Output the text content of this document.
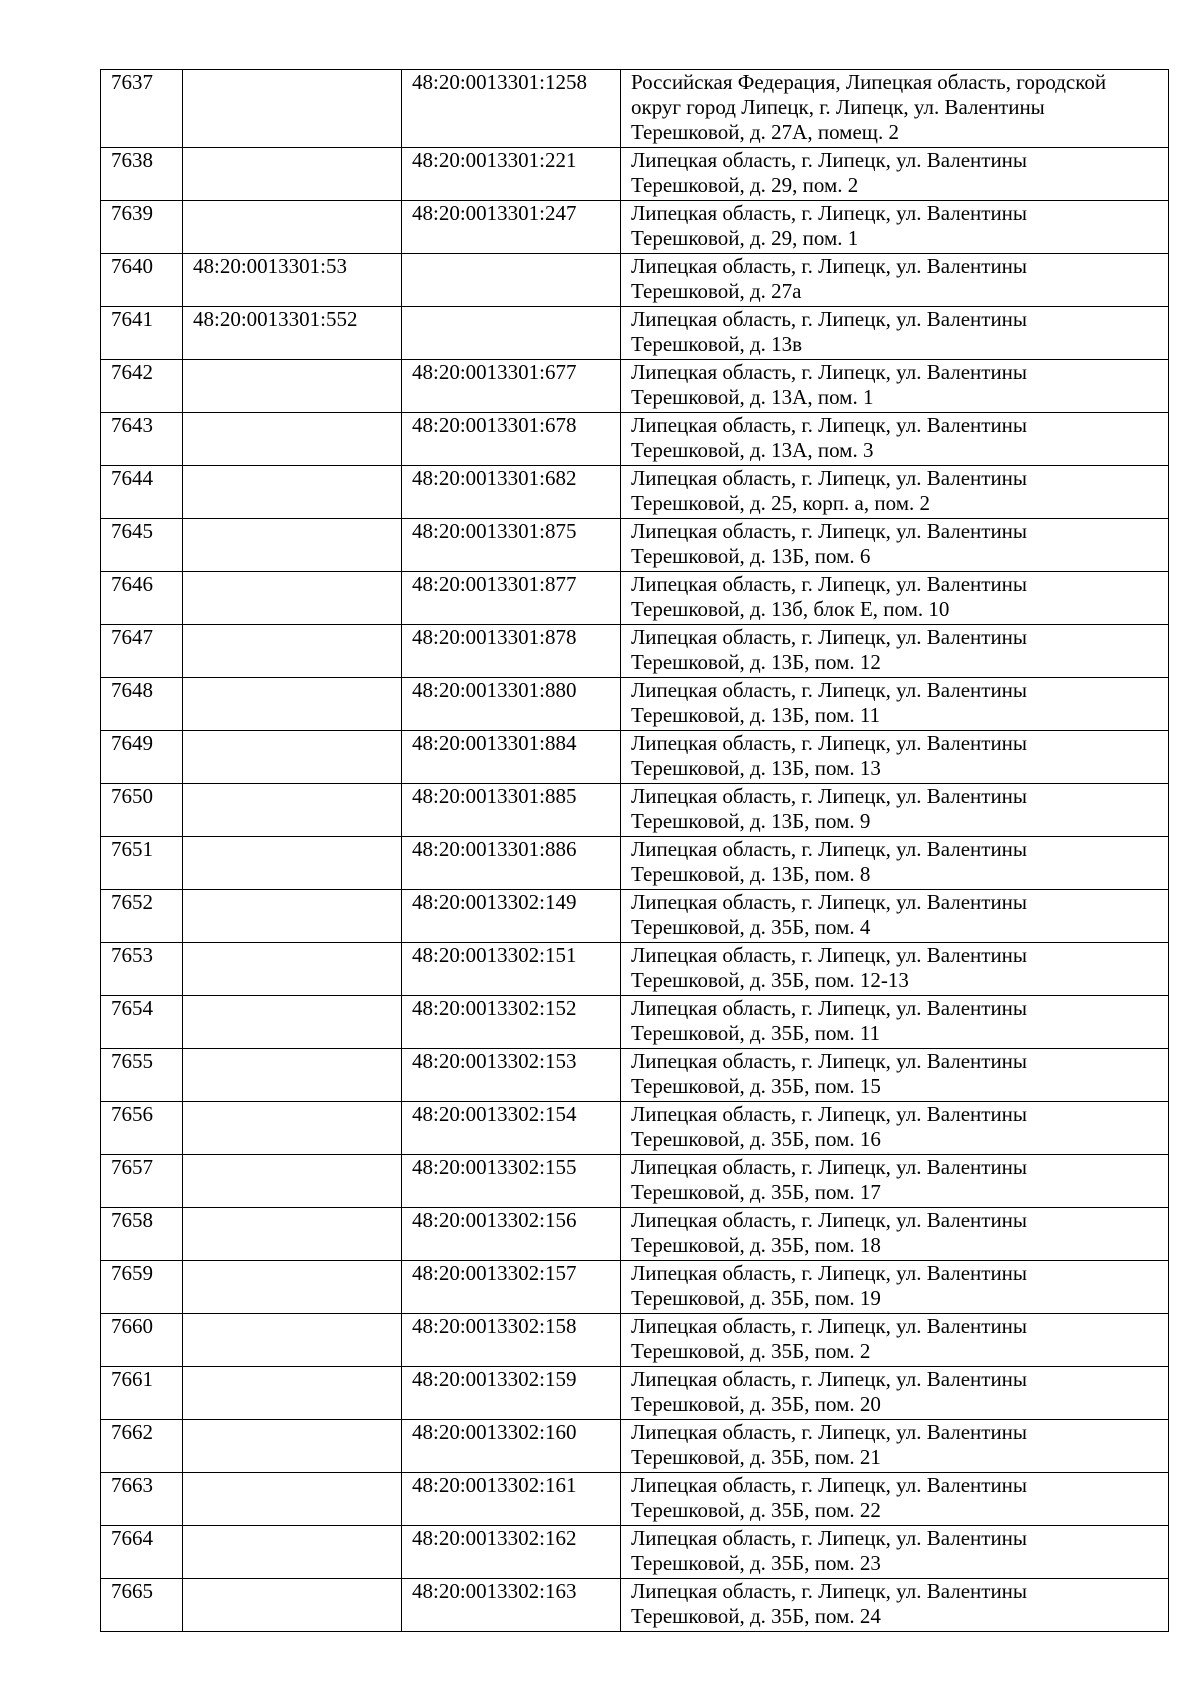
7637		48:20:0013301:1258	Российская Федерация, Липецкая область, городской
округ город Липецк, г. Липецк, ул. Валентины
Терешковой, д. 27А, помещ. 2

7638		48:20:0013301:221	Липецкая область, г. Липецк, ул. Валентины
Терешковой, д. 29, пом. 2

7639		48:20:0013301:247	Липецкая область, г. Липецк, ул. Валентины
Терешковой, д. 29, пом. 1

7640	48:20:0013301:53		Липецкая область, г. Липецк, ул. Валентины
Терешковой, д. 27а

7641	48:20:0013301:552		Липецкая область, г. Липецк, ул. Валентины
Терешковой, д. 13в

7642		48:20:0013301:677	Липецкая область, г. Липецк, ул. Валентины
Терешковой, д. 13А, пом. 1

7643		48:20:0013301:678	Липецкая область, г. Липецк, ул. Валентины
Терешковой, д. 13А, пом. 3

7644		48:20:0013301:682	Липецкая область, г. Липецк, ул. Валентины
Терешковой, д. 25, корп. а, пом. 2

7645		48:20:0013301:875	Липецкая область, г. Липецк, ул. Валентины
Терешковой, д. 13Б, пом. 6

7646		48:20:0013301:877	Липецкая область, г. Липецк, ул. Валентины
Терешковой, д. 13б, блок Е, пом. 10

7647		48:20:0013301:878	Липецкая область, г. Липецк, ул. Валентины
Терешковой, д. 13Б, пом. 12

7648		48:20:0013301:880	Липецкая область, г. Липецк, ул. Валентины
Терешковой, д. 13Б, пом. 11

7649		48:20:0013301:884	Липецкая область, г. Липецк, ул. Валентины
Терешковой, д. 13Б, пом. 13

7650		48:20:0013301:885	Липецкая область, г. Липецк, ул. Валентины
Терешковой, д. 13Б, пом. 9

7651		48:20:0013301:886	Липецкая область, г. Липецк, ул. Валентины
Терешковой, д. 13Б, пом. 8

7652		48:20:0013302:149	Липецкая область, г. Липецк, ул. Валентины
Терешковой, д. 35Б, пом. 4

7653		48:20:0013302:151	Липецкая область, г. Липецк, ул. Валентины
Терешковой, д. 35Б, пом. 12-13

7654		48:20:0013302:152	Липецкая область, г. Липецк, ул. Валентины
Терешковой, д. 35Б, пом. 11

7655		48:20:0013302:153	Липецкая область, г. Липецк, ул. Валентины
Терешковой, д. 35Б, пом. 15

7656		48:20:0013302:154	Липецкая область, г. Липецк, ул. Валентины
Терешковой, д. 35Б, пом. 16

7657		48:20:0013302:155	Липецкая область, г. Липецк, ул. Валентины
Терешковой, д. 35Б, пом. 17

7658		48:20:0013302:156	Липецкая область, г. Липецк, ул. Валентины
Терешковой, д. 35Б, пом. 18

7659		48:20:0013302:157	Липецкая область, г. Липецк, ул. Валентины
Терешковой, д. 35Б, пом. 19

7660		48:20:0013302:158	Липецкая область, г. Липецк, ул. Валентины
Терешковой, д. 35Б, пом. 2

7661		48:20:0013302:159	Липецкая область, г. Липецк, ул. Валентины
Терешковой, д. 35Б, пом. 20

7662		48:20:0013302:160	Липецкая область, г. Липецк, ул. Валентины
Терешковой, д. 35Б, пом. 21

7663		48:20:0013302:161	Липецкая область, г. Липецк, ул. Валентины
Терешковой, д. 35Б, пом. 22

7664		48:20:0013302:162	Липецкая область, г. Липецк, ул. Валентины
Терешковой, д. 35Б, пом. 23

7665		48:20:0013302:163	Липецкая область, г. Липецк, ул. Валентины
Терешковой, д. 35Б, пом. 24
